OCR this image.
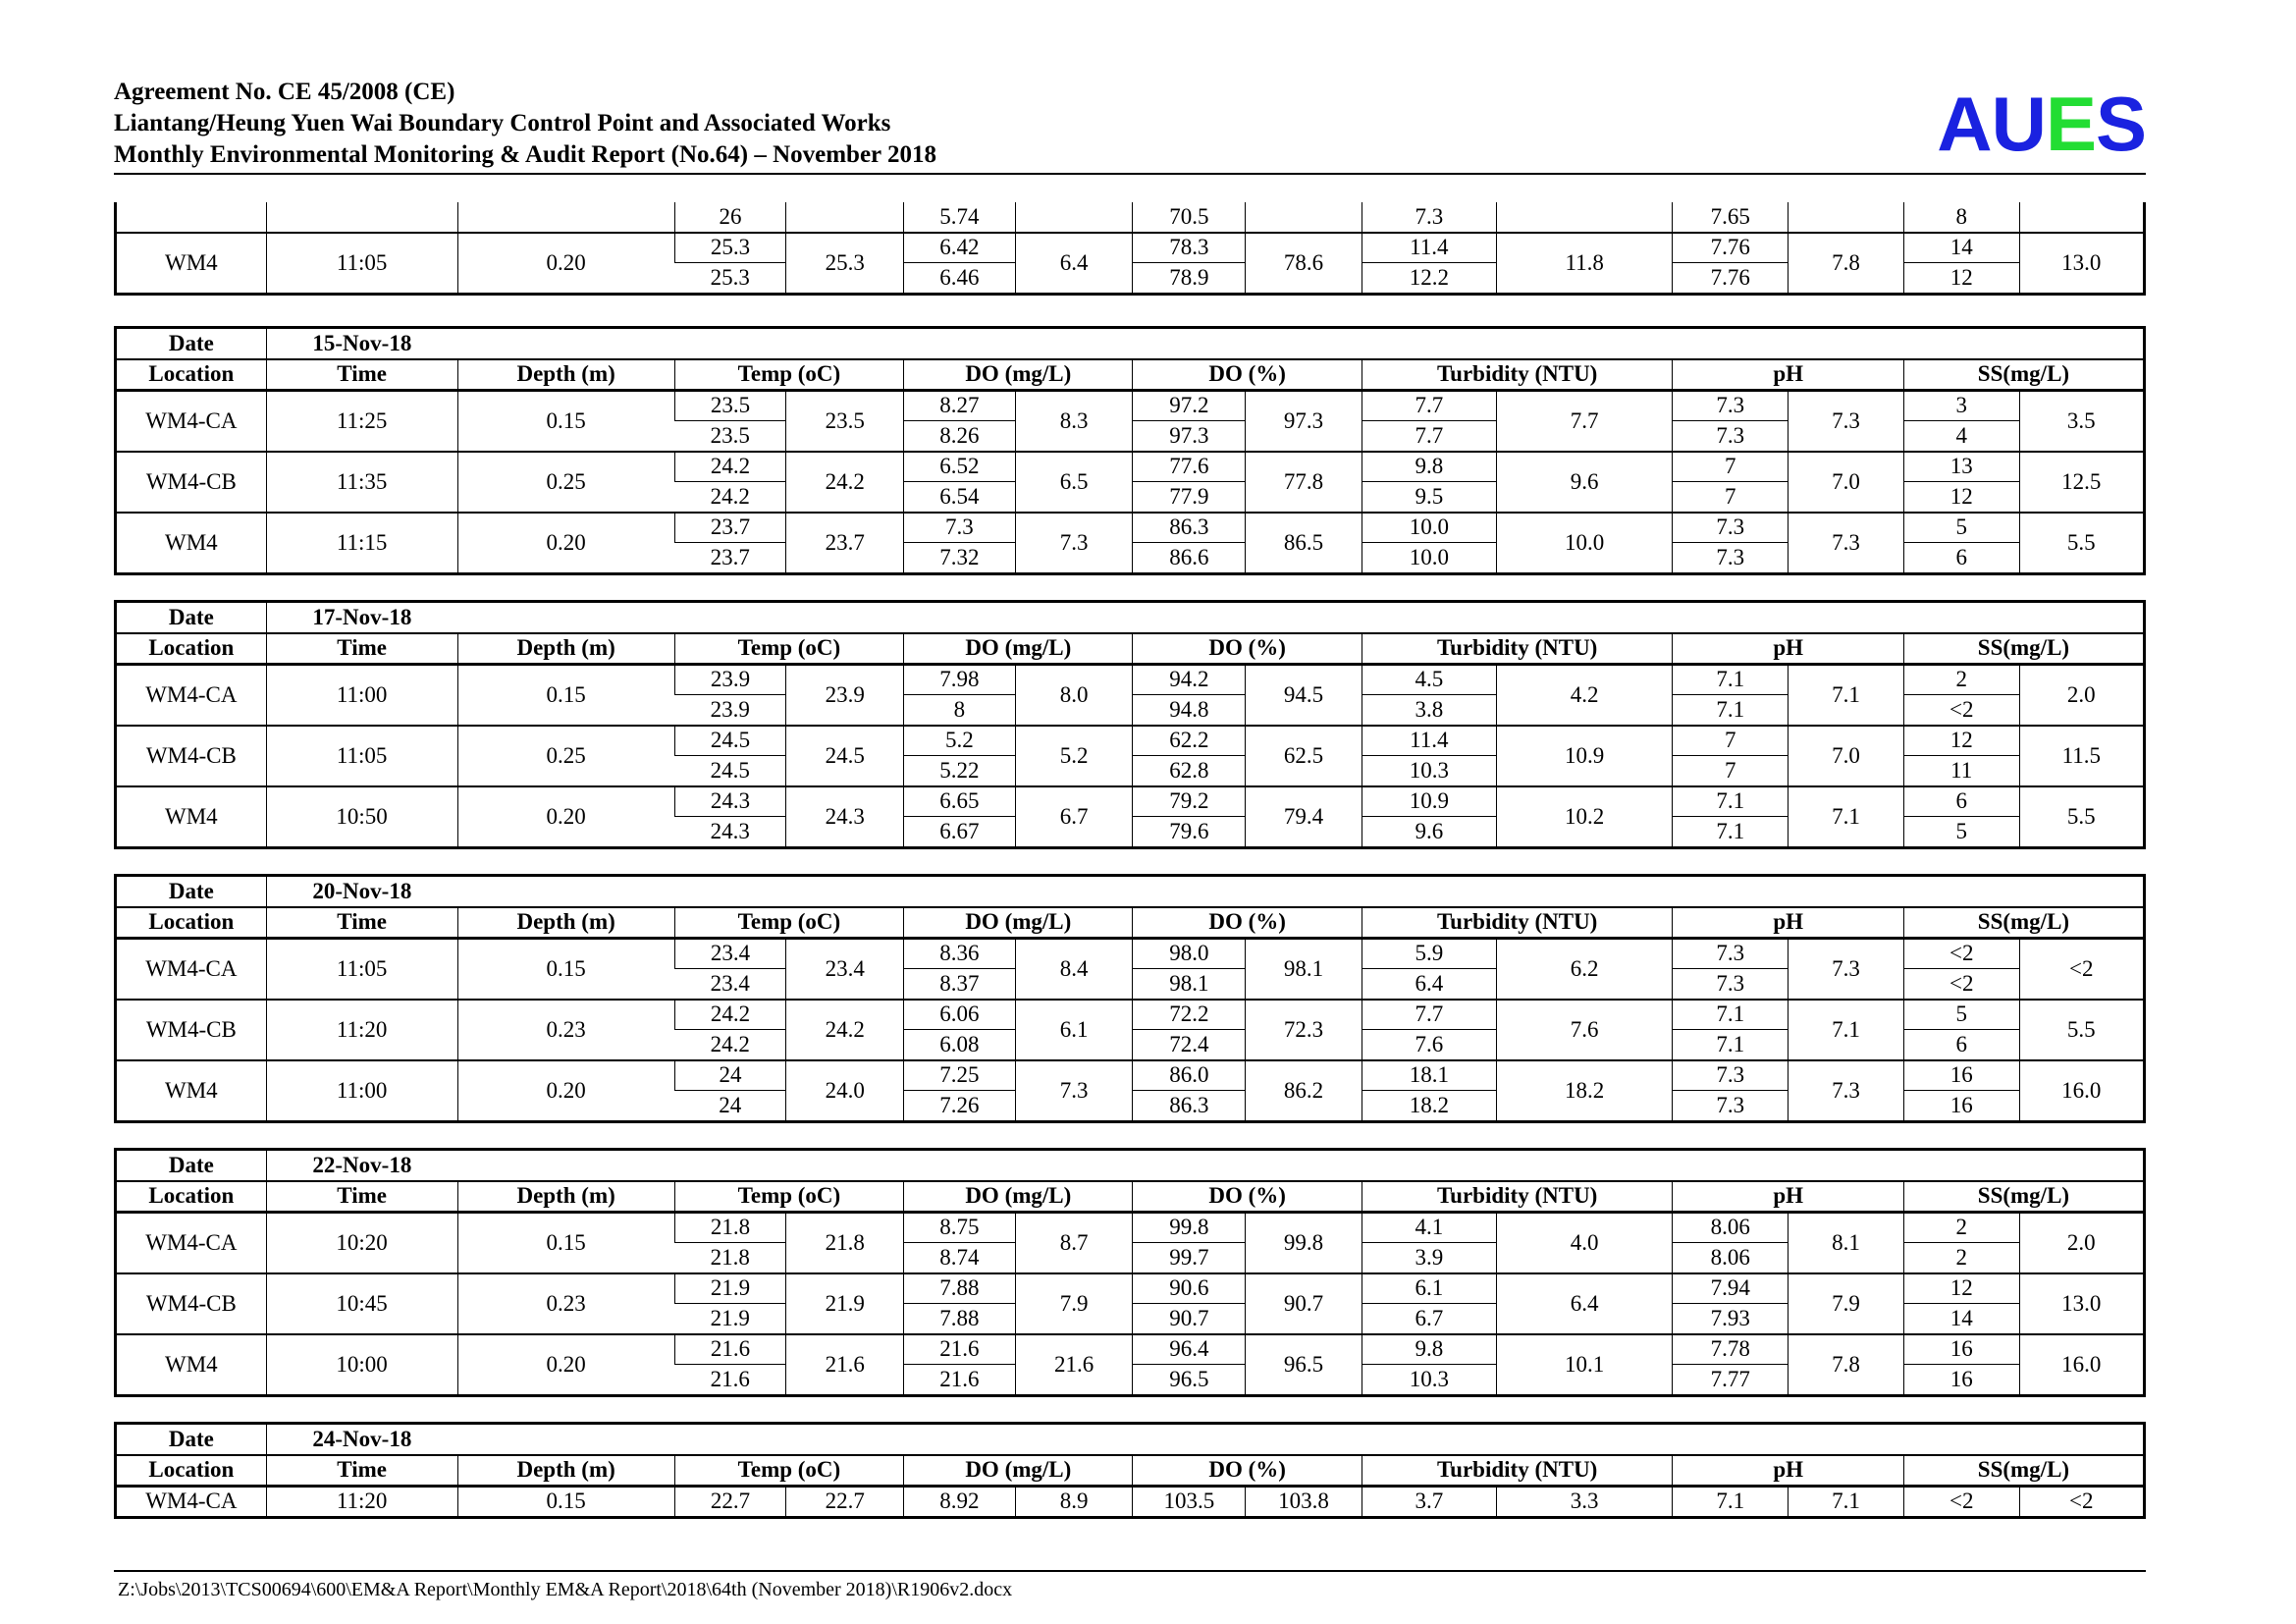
Agreement No. CE 45/2008 (CE)
Liantang/Heung Yuen Wai Boundary Control Point and Associated Works
Monthly Environmental Monitoring & Audit Report (No.64) – November 2018	AUES
			26		5.74		70.5		7.3		7.65		8	
WM4	11:05	0.20	25.3	25.3	6.42	6.4	78.3	78.6	11.4	11.8	7.76	7.8	14	13.0
			25.3		6.46		78.9		12.2		7.76		12	
Date	15-Nov-18													
Location	Time	Depth (m)	Temp (oC)		DO (mg/L)		DO (%)		Turbidity (NTU)		pH		SS(mg/L)	
WM4-CA	11:25	0.15	23.5	23.5	8.27	8.3	97.2	97.3	7.7	7.7	7.3	7.3	3	3.5
			23.5		8.26		97.3		7.7		7.3		4	
WM4-CB	11:35	0.25	24.2	24.2	6.52	6.5	77.6	77.8	9.8	9.6	7	7.0	13	12.5
			24.2		6.54		77.9		9.5		7		12	
WM4	11:15	0.20	23.7	23.7	7.3	7.3	86.3	86.5	10.0	10.0	7.3	7.3	5	5.5
			23.7		7.32		86.6		10.0		7.3		6	
Date	17-Nov-18													
Location	Time	Depth (m)	Temp (oC)		DO (mg/L)		DO (%)		Turbidity (NTU)		pH		SS(mg/L)	
WM4-CA	11:00	0.15	23.9	23.9	7.98	8.0	94.2	94.5	4.5	4.2	7.1	7.1	2	2.0
			23.9		8		94.8		3.8		7.1		<2	
WM4-CB	11:05	0.25	24.5	24.5	5.2	5.2	62.2	62.5	11.4	10.9	7	7.0	12	11.5
			24.5		5.22		62.8		10.3		7		11	
WM4	10:50	0.20	24.3	24.3	6.65	6.7	79.2	79.4	10.9	10.2	7.1	7.1	6	5.5
			24.3		6.67		79.6		9.6		7.1		5	
Date	20-Nov-18													
Location	Time	Depth (m)	Temp (oC)		DO (mg/L)		DO (%)		Turbidity (NTU)		pH		SS(mg/L)	
WM4-CA	11:05	0.15	23.4	23.4	8.36	8.4	98.0	98.1	5.9	6.2	7.3	7.3	<2	<2
			23.4		8.37		98.1		6.4		7.3		<2	
WM4-CB	11:20	0.23	24.2	24.2	6.06	6.1	72.2	72.3	7.7	7.6	7.1	7.1	5	5.5
			24.2		6.08		72.4		7.6		7.1		6	
WM4	11:00	0.20	24	24.0	7.25	7.3	86.0	86.2	18.1	18.2	7.3	7.3	16	16.0
			24		7.26		86.3		18.2		7.3		16	
Date	22-Nov-18													
Location	Time	Depth (m)	Temp (oC)		DO (mg/L)		DO (%)		Turbidity (NTU)		pH		SS(mg/L)	
WM4-CA	10:20	0.15	21.8	21.8	8.75	8.7	99.8	99.8	4.1	4.0	8.06	8.1	2	2.0
			21.8		8.74		99.7		3.9		8.06		2	
WM4-CB	10:45	0.23	21.9	21.9	7.88	7.9	90.6	90.7	6.1	6.4	7.94	7.9	12	13.0
			21.9		7.88		90.7		6.7		7.93		14	
WM4	10:00	0.20	21.6	21.6	21.6	21.6	96.4	96.5	9.8	10.1	7.78	7.8	16	16.0
			21.6		21.6		96.5		10.3		7.77		16	
Date	24-Nov-18													
Location	Time	Depth (m)	Temp (oC)		DO (mg/L)		DO (%)		Turbidity (NTU)		pH		SS(mg/L)	
WM4-CA	11:20	0.15	22.7	22.7	8.92	8.9	103.5	103.8	3.7	3.3	7.1	7.1	<2	<2
Z:\Jobs\2013\TCS00694\600\EM&A Report\Monthly EM&A Report\2018\64th (November 2018)\R1906v2.docx
